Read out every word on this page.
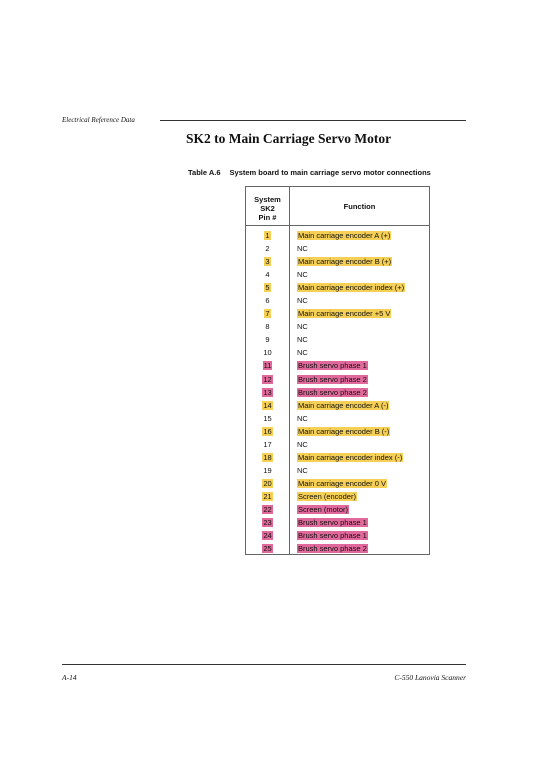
Electrical Reference Data
SK2 to Main Carriage Servo Motor
Table A.6 System board to main carriage servo motor connections
System
SK2
Pin #
Function
1	Main carriage encoder A (+)
2	NC
3	Main carriage encoder B (+)
4	NC
5	Main carriage encoder index (+)
6	NC
7	Main carriage encoder +5 V
8	NC
9	NC
10	NC
11	Brush servo phase 1
12	Brush servo phase 2
13	Brush servo phase 2
14	Main carriage encoder A (-)
15	NC
16	Main carriage encoder B (-)
17	NC
18	Main carriage encoder index (-)
19	NC
20	Main carriage encoder 0 V
21	Screen (encoder)
22	Screen (motor)
23	Brush servo phase 1
24	Brush servo phase 1
25	Brush servo phase 2
A-14	C-550 Lanovia Scanner
